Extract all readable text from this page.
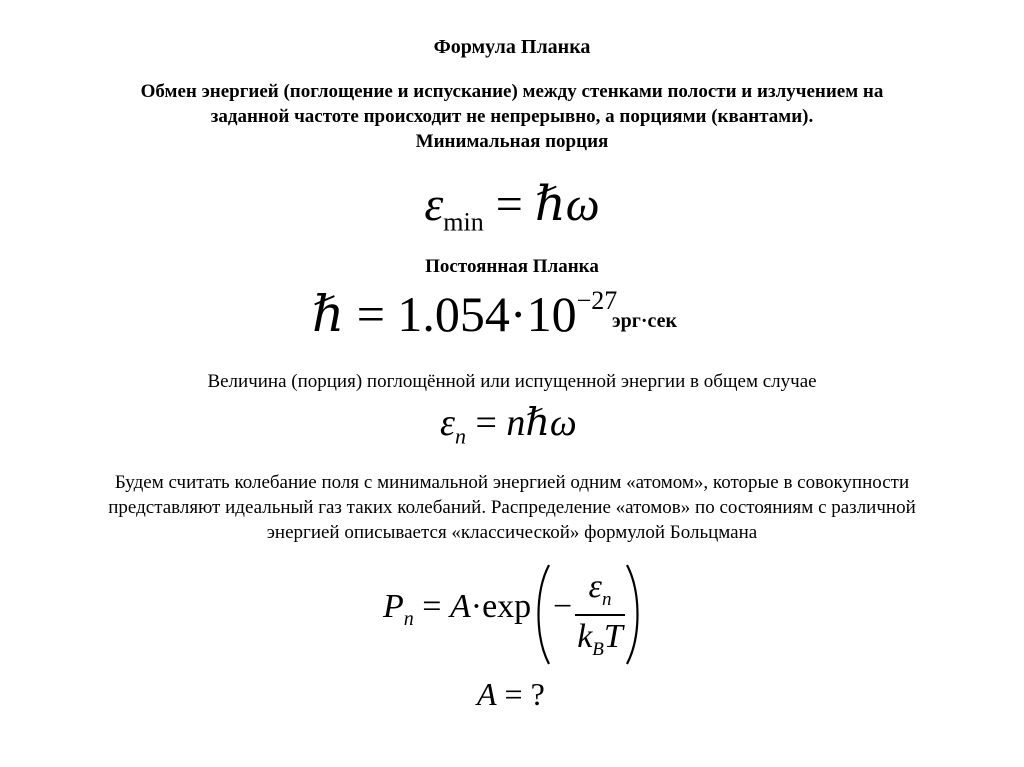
Формула Планка
Обмен энергией (поглощение и испускание) между стенками полости и излучением на
заданной частоте происходит не непрерывно, а порциями (квантами).
Минимальная порция
$\varepsilon_{min}$ = ℏω
Постоянная Планка
ℏ = $1.054\cdot 10^{-27}$
эрг·сек
Величина (порция) поглощённой или испущенной энергии в общем случае
$\varepsilon_n$ = nℏω
Будем считать колебание поля с минимальной энергией одним «атомом», которые в совокупности
представляют идеальный газ таких колебаний. Распределение «атомов» по состояниям с различной
энергией описывается «классической» формулой Больцмана
$P_n = A\cdot\exp$ −
$\varepsilon_n$
$k_BT$
A = ?
